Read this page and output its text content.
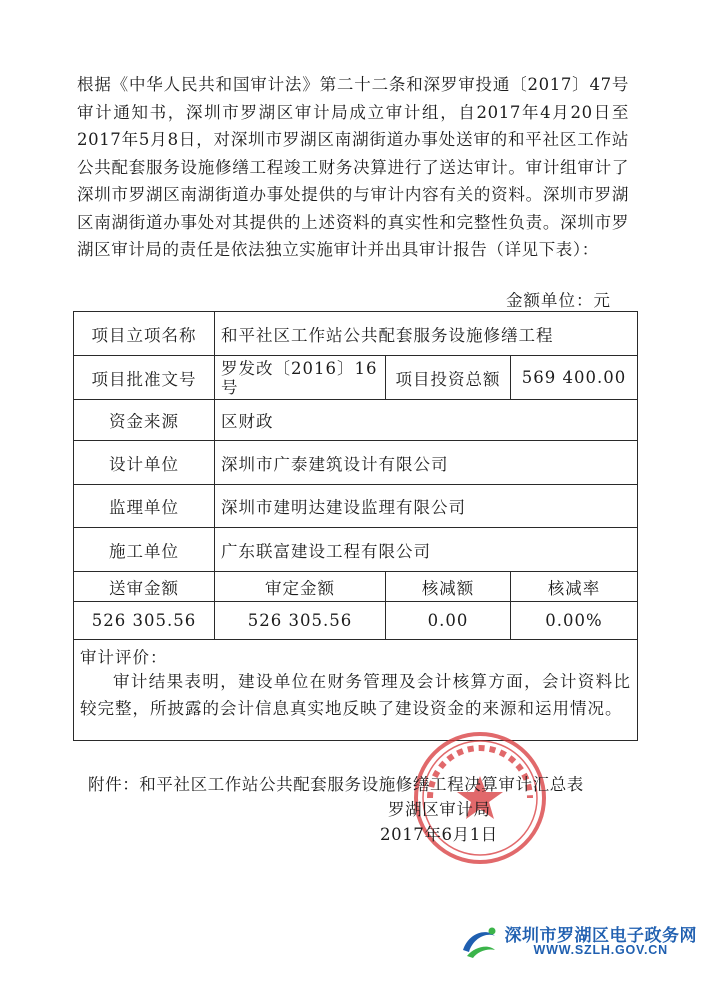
根据《中华人民共和国审计法》第二十二条和深罗审投通〔2017〕47号审计通知书，深圳市罗湖区审计局成立审计组，自2017年4月20日至2017年5月8日，对深圳市罗湖区南湖街道办事处送审的和平社区工作站公共配套服务设施修缮工程竣工财务决算进行了送达审计。审计组审计了深圳市罗湖区南湖街道办事处提供的与审计内容有关的资料。深圳市罗湖区南湖街道办事处对其提供的上述资料的真实性和完整性负责。深圳市罗湖区审计局的责任是依法独立实施审计并出具审计报告（详见下表）：

金额单位：元
项目立项名称	和平社区工作站公共配套服务设施修缮工程		
项目批准文号	罗发改〔2016〕16号	项目投资总额	569 400.00
资金来源	区财政		
设计单位	深圳市广泰建筑设计有限公司		
监理单位	深圳市建明达建设监理有限公司		
施工单位	广东联富建设工程有限公司		
送审金额	审定金额	核减额	核减率
526 305.56	526 305.56	0.00	0.00%

审计评价：
审计结果表明，建设单位在财务管理及会计核算方面，会计资料比较完整，所披露的会计信息真实地反映了建设资金的来源和运用情况。			
附件：和平社区工作站公共配套服务设施修缮工程决算审计汇总表
罗湖区审计局
2017年6月1日
深圳市罗湖区电子政务网
WWW.SZLH.GOV.CN
